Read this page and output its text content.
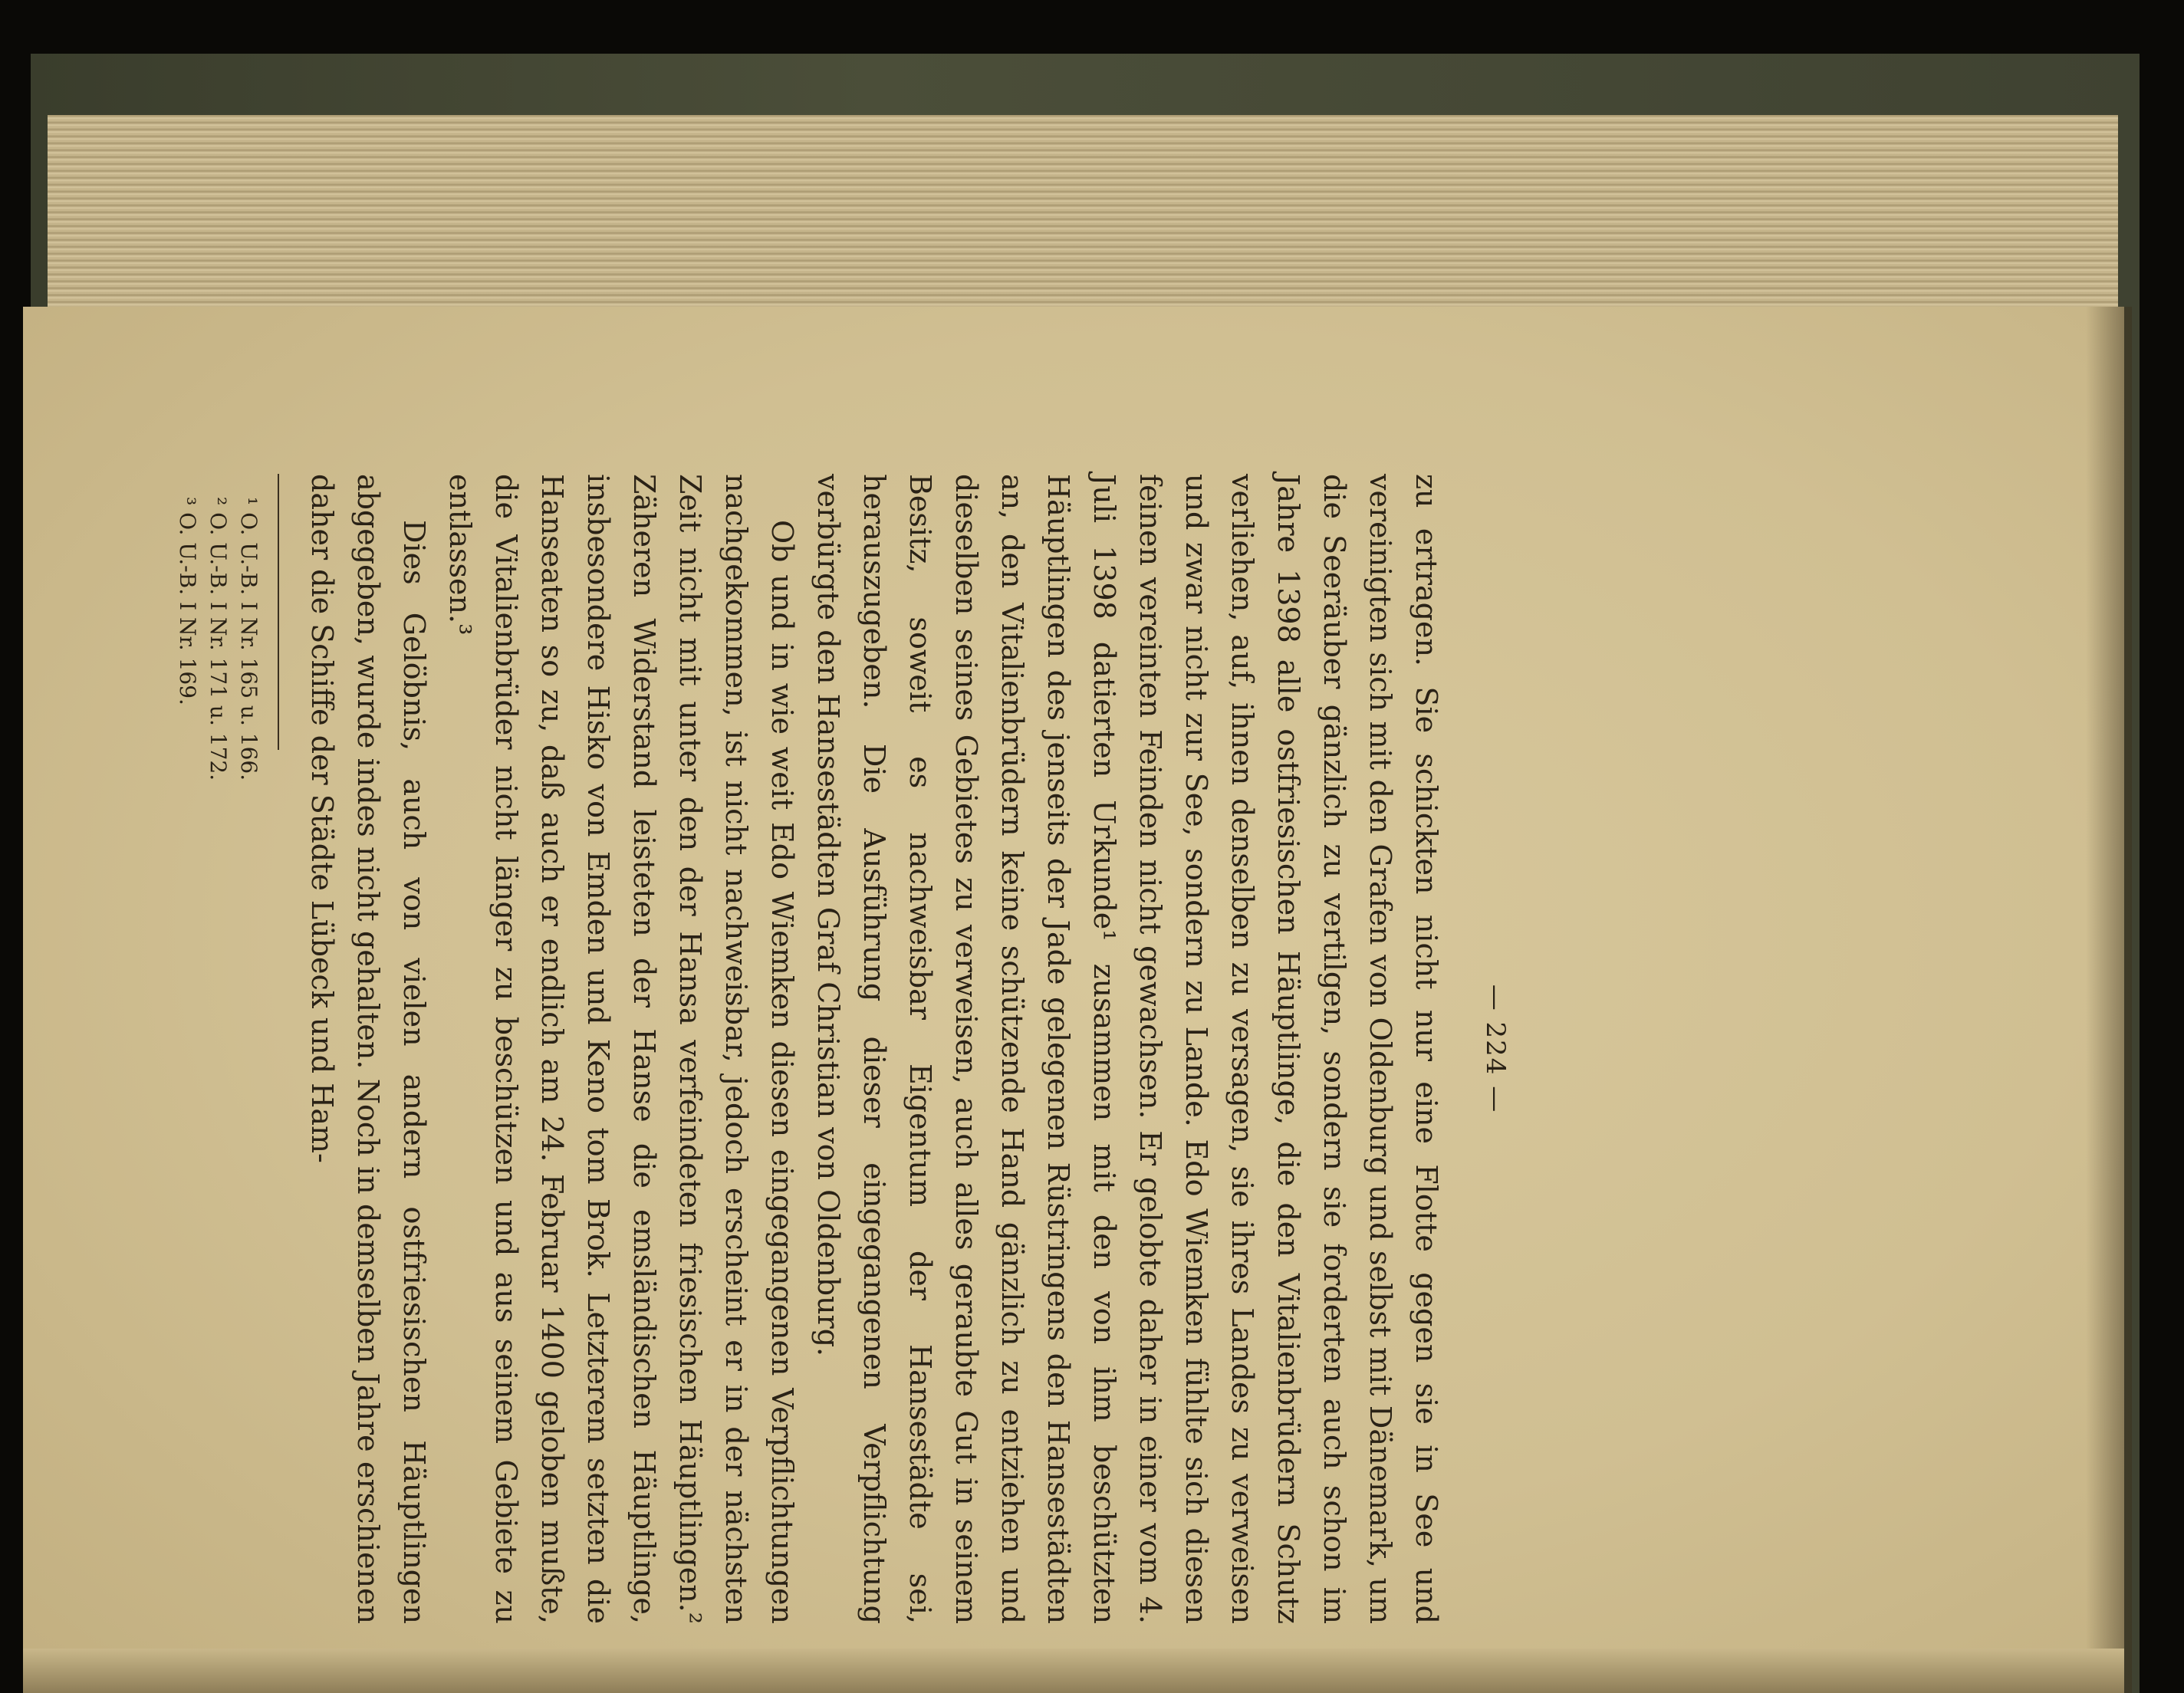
— 224 —

zu ertragen. Sie schickten nicht nur eine Flotte gegen sie in See und vereinigten sich mit den Grafen von Oldenburg und selbst mit Dänemark, um die Seeräuber gänzlich zu vertilgen, sondern sie forderten auch schon im Jahre 1398 alle ostfriesischen Häuptlinge, die den Vitalienbrüdern Schutz verliehen, auf, ihnen denselben zu versagen, sie ihres Landes zu verweisen und zwar nicht zur See, sondern zu Lande. Edo Wiemken fühlte sich diesen feinen vereinten Feinden nicht gewachsen. Er gelobte daher in einer vom 4. Juli 1398 datierten Urkunde¹ zusammen mit den von ihm beschützten Häuptlingen des jenseits der Jade gelegenen Rüstringens den Hansestädten an, den Vitalienbrüdern keine schützende Hand gänzlich zu entziehen und dieselben seines Gebietes zu verweisen, auch alles geraubte Gut in seinem Besitz, soweit es nachweisbar Eigentum der Hansestädte sei, herauszugeben. Die Ausführung dieser eingegangenen Verpflichtung verbürgte den Hansestädten Graf Christian von Oldenburg.

Ob und in wie weit Edo Wiemken diesen eingegangenen Verpflichtungen nachgekommen, ist nicht nachweisbar, jedoch erscheint er in der nächsten Zeit nicht mit unter den der Hansa verfeindeten friesischen Häuptlingen.² Zäheren Widerstand leisteten der Hanse die emsländischen Häuptlinge, insbesondere Hisko von Emden und Keno tom Brok. Letzterem setzten die Hanseaten so zu, daß auch er endlich am 24. Februar 1400 geloben mußte, die Vitalienbrüder nicht länger zu beschützen und aus seinem Gebiete zu entlassen.³

Dies Gelöbnis, auch von vielen andern ostfriesischen Häuptlingen abgegeben, wurde indes nicht gehalten. Noch in demselben Jahre erschienen daher die Schiffe der Städte Lübeck und Ham-

¹ O. U.-B. I Nr. 165 u. 166.

² O. U.-B. I Nr. 171 u. 172.

³ O. U.-B. I Nr. 169.
